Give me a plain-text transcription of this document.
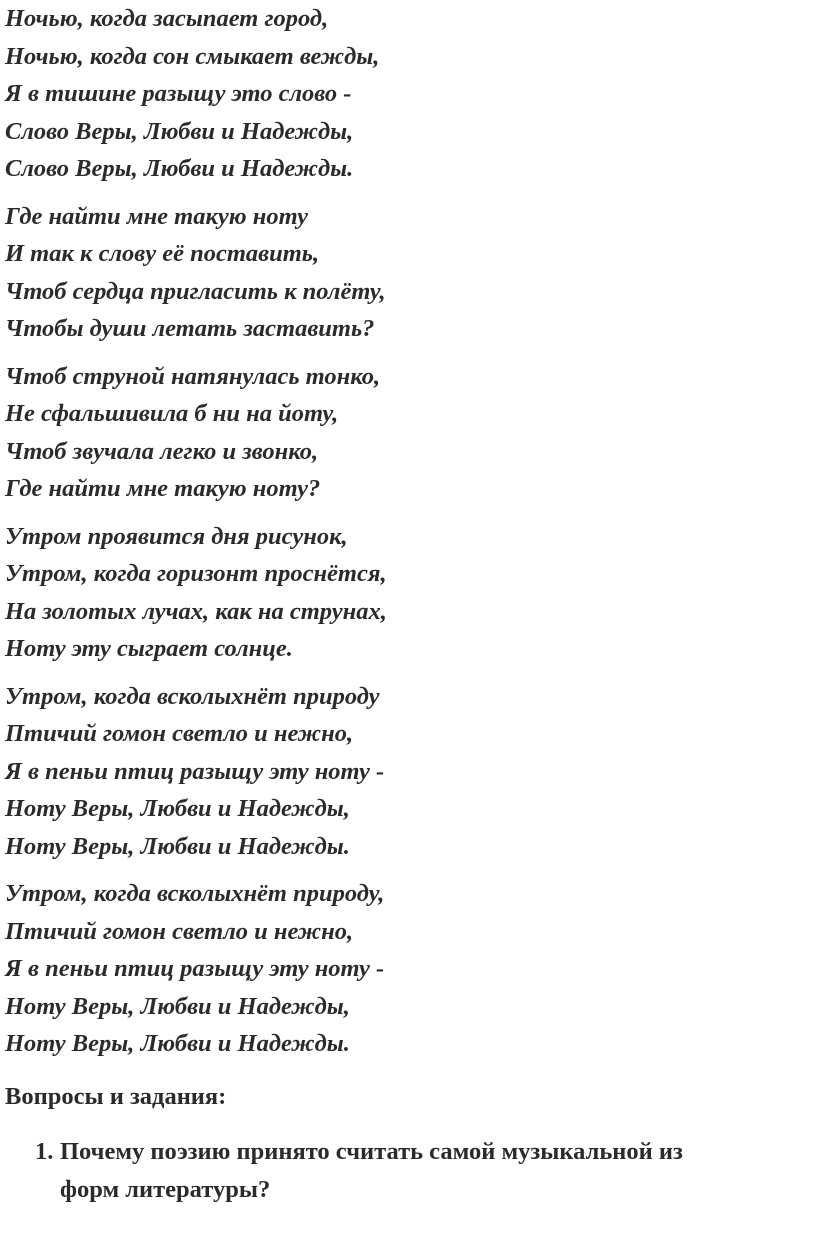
Ночью, когда засыпает город,
Ночью, когда сон смыкает вежды,
Я в тишине разыщу это слово -
Слово Веры, Любви и Надежды,
Слово Веры, Любви и Надежды.
Где найти мне такую ноту
И так к слову её поставить,
Чтоб сердца пригласить к полёту,
Чтобы души летать заставить?
Чтоб струной натянулась тонко,
Не сфальшивила б ни на йоту,
Чтоб звучала легко и звонко,
Где найти мне такую ноту?
Утром проявится дня рисунок,
Утром, когда горизонт проснётся,
На золотых лучах, как на струнах,
Ноту эту сыграет солнце.
Утром, когда всколыхнёт природу
Птичий гомон светло и нежно,
Я в пеньи птиц разыщу эту ноту -
Ноту Веры, Любви и Надежды,
Ноту Веры, Любви и Надежды.
Утром, когда всколыхнёт природу,
Птичий гомон светло и нежно,
Я в пеньи птиц разыщу эту ноту -
Ноту Веры, Любви и Надежды,
Ноту Веры, Любви и Надежды.
Вопросы и задания:
1. Почему поэзию принято считать самой музыкальной из
форм литературы?
